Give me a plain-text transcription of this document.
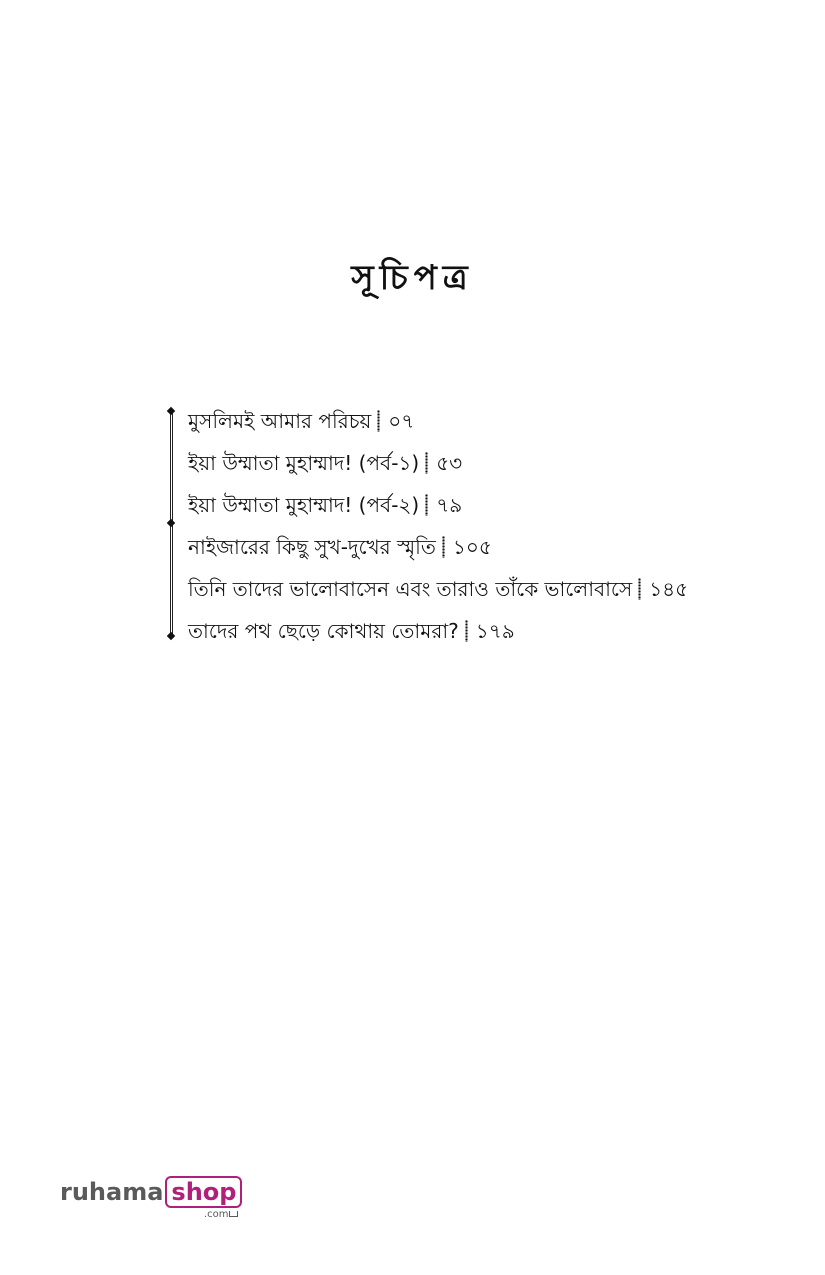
সূচিপত্র
মুসলিমই আমার পরিচয় ০৭
ইয়া উম্মাতা মুহাম্মাদ! (পর্ব-১) ৫৩
ইয়া উম্মাতা মুহাম্মাদ! (পর্ব-২) ৭৯
নাইজারের কিছু সুখ-দুখের স্মৃতি ১০৫
তিনি তাদের ভালোবাসেন এবং তারাও তাঁকে ভালোবাসে ১৪৫
তাদের পথ ছেড়ে কোথায় তোমরা? ১৭৯
ruhama shop
.com
